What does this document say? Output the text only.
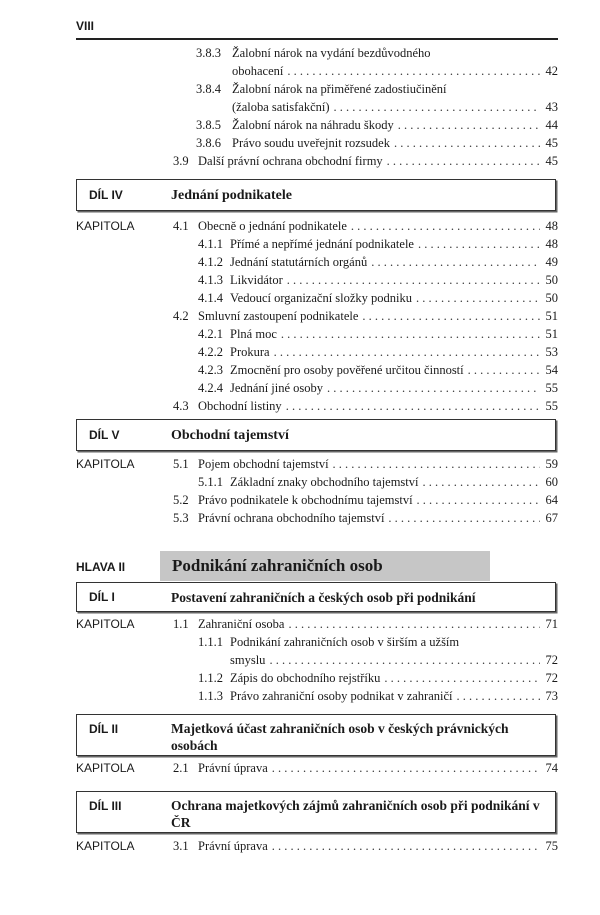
VIII
3.8.3 Žalobní nárok na vydání bezdůvodného
obohacení . . .	42
3.8.4 Žalobní nárok na přiměřené zadostiučinění
(žaloba satisfakční) . . .	43
3.8.5 Žalobní nárok na náhradu škody . . .	44
3.8.6 Právo soudu uveřejnit rozsudek . . .	45
3.9 Další právní ochrana obchodní firmy . . .	45
DÍL IV	Jednání podnikatele
KAPITOLA	4.1 Obecně o jednání podnikatele . . .	48
4.1.1 Přímé a nepřímé jednání podnikatele . . .	48
4.1.2 Jednání statutárních orgánů . . .	49
4.1.3 Likvidátor . . .	50
4.1.4 Vedoucí organizační složky podniku . . .	50
4.2 Smluvní zastoupení podnikatele . . .	51
4.2.1 Plná moc . . .	51
4.2.2 Prokura . . .	53
4.2.3 Zmocnění pro osoby pověřené určitou činností . . .	54
4.2.4 Jednání jiné osoby . . .	55
4.3 Obchodní listiny . . .	55
DÍL V	Obchodní tajemství
KAPITOLA	5.1 Pojem obchodní tajemství . . .	59
5.1.1 Základní znaky obchodního tajemství . . .	60
5.2 Právo podnikatele k obchodnímu tajemství . . .	64
5.3 Právní ochrana obchodního tajemství . . .	67
HLAVA II	Podnikání zahraničních osob
DÍL I	Postavení zahraničních a českých osob při podnikání
KAPITOLA	1.1 Zahraniční osoba . . .	71
1.1.1 Podnikání zahraničních osob v širším a užším
smyslu . . .	72
1.1.2 Zápis do obchodního rejstříku . . .	72
1.1.3 Právo zahraniční osoby podnikat v zahraničí . . .	73
DÍL II	Majetková účast zahraničních osob v českých právnických osobách
KAPITOLA	2.1 Právní úprava . . .	74
DÍL III	Ochrana majetkových zájmů zahraničních osob při podnikání v ČR
KAPITOLA	3.1 Právní úprava . . .	75
